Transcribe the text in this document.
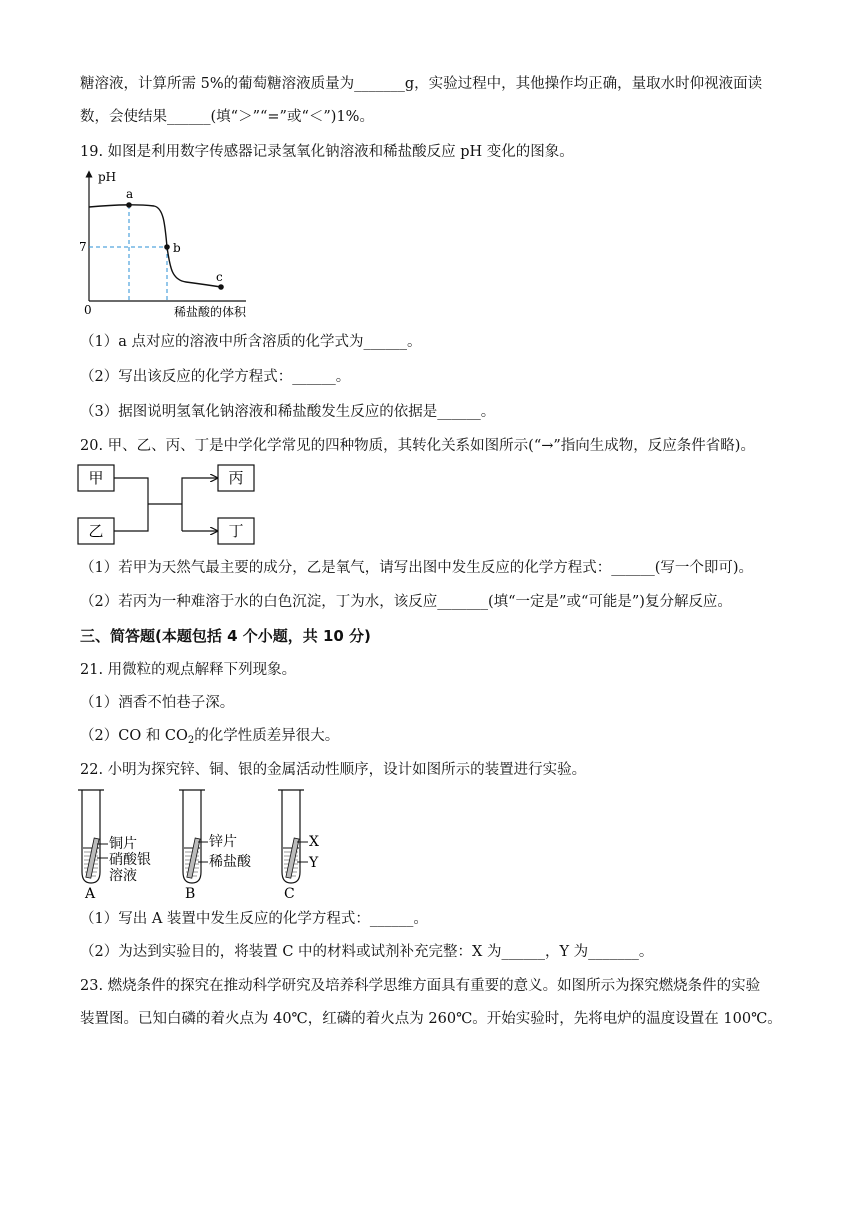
糖溶液，计算所需 5%的葡萄糖溶液质量为_______g，实验过程中，其他操作均正确，量取水时仰视液面读
数，会使结果______(填“＞”“=”或“＜”)1%。
19. 如图是利用数字传感器记录氢氧化钠溶液和稀盐酸反应 pH 变化的图象。
pH
a
b
c
7
0	稀盐酸的体积
（1）a 点对应的溶液中所含溶质的化学式为______。
（2）写出该反应的化学方程式：______。
（3）据图说明氢氧化钠溶液和稀盐酸发生反应的依据是______。
20. 甲、乙、丙、丁是中学化学常见的四种物质，其转化关系如图所示(“→”指向生成物，反应条件省略)。
甲
乙
丙
丁
（1）若甲为天然气最主要的成分，乙是氧气，请写出图中发生反应的化学方程式：______(写一个即可)。
（2）若丙为一种难溶于水的白色沉淀，丁为水，该反应_______(填“一定是”或“可能是”)复分解反应。
三、简答题(本题包括 4 个小题，共 10 分)
21. 用微粒的观点解释下列现象。
（1）酒香不怕巷子深。
（2）CO 和 $CO_2$的化学性质差异很大。
22. 小明为探究锌、铜、银的金属活动性顺序，设计如图所示的装置进行实验。
铜片
硝酸银
溶液
A
锌片
稀盐酸
B
X
Y
C
（1）写出 A 装置中发生反应的化学方程式：______。
（2）为达到实验目的，将装置 C 中的材料或试剂补充完整：X 为______，Y 为_______。
23. 燃烧条件的探究在推动科学研究及培养科学思维方面具有重要的意义。如图所示为探究燃烧条件的实验
装置图。已知白磷的着火点为 40℃，红磷的着火点为 260℃。开始实验时，先将电炉的温度设置在 100℃。
